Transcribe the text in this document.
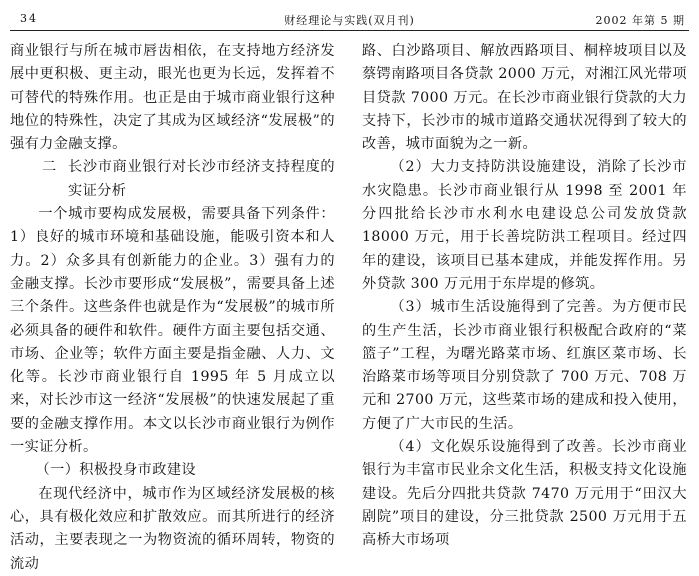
34	财经理论与实践(双月刊)	2002 年第 5 期

商业银行与所在城市唇齿相依，在支持地方经济发展中更积极、更主动，眼光也更为长远，发挥着不可替代的特殊作用。也正是由于城市商业银行这种地位的特殊性，决定了其成为区域经济“发展极”的强有力金融支撑。

二 长沙市商业银行对长沙市经济支持程度的实证分析

一个城市要构成发展极，需要具备下列条件：1）良好的城市环境和基础设施，能吸引资本和人力。2）众多具有创新能力的企业。3）强有力的金融支撑。长沙市要形成“发展极”，需要具备上述三个条件。这些条件也就是作为“发展极”的城市所必须具备的硬件和软件。硬件方面主要包括交通、市场、企业等；软件方面主要是指金融、人力、文化等。长沙市商业银行自 1995 年 5 月成立以来，对长沙市这一经济“发展极”的快速发展起了重要的金融支撑作用。本文以长沙市商业银行为例作一实证分析。

（一）积极投身市政建设

在现代经济中，城市作为区域经济发展极的核心，具有极化效应和扩散效应。而其所进行的经济活动，主要表现之一为物资流的循环周转，物资的流动

路、白沙路项目、解放西路项目、桐梓坡项目以及蔡锷南路项目各贷款 2000 万元，对湘江风光带项目贷款 7000 万元。在长沙市商业银行贷款的大力支持下，长沙市的城市道路交通状况得到了较大的改善，城市面貌为之一新。

（2）大力支持防洪设施建设，消除了长沙市水灾隐患。长沙市商业银行从 1998 至 2001 年分四批给长沙市水利水电建设总公司发放贷款 18000 万元，用于长善垸防洪工程项目。经过四年的建设，该项目已基本建成，并能发挥作用。另外贷款 300 万元用于东岸堤的修筑。

（3）城市生活设施得到了完善。为方便市民的生产生活，长沙市商业银行积极配合政府的“菜篮子”工程，为曙光路菜市场、红旗区菜市场、长治路菜市场等项目分别贷款了 700 万元、708 万元和 2700 万元，这些菜市场的建成和投入使用，方便了广大市民的生活。

（4）文化娱乐设施得到了改善。长沙市商业银行为丰富市民业余文化生活，积极支持文化设施建设。先后分四批共贷款 7470 万元用于“田汉大剧院”项目的建设，分三批贷款 2500 万元用于五高桥大市场项
